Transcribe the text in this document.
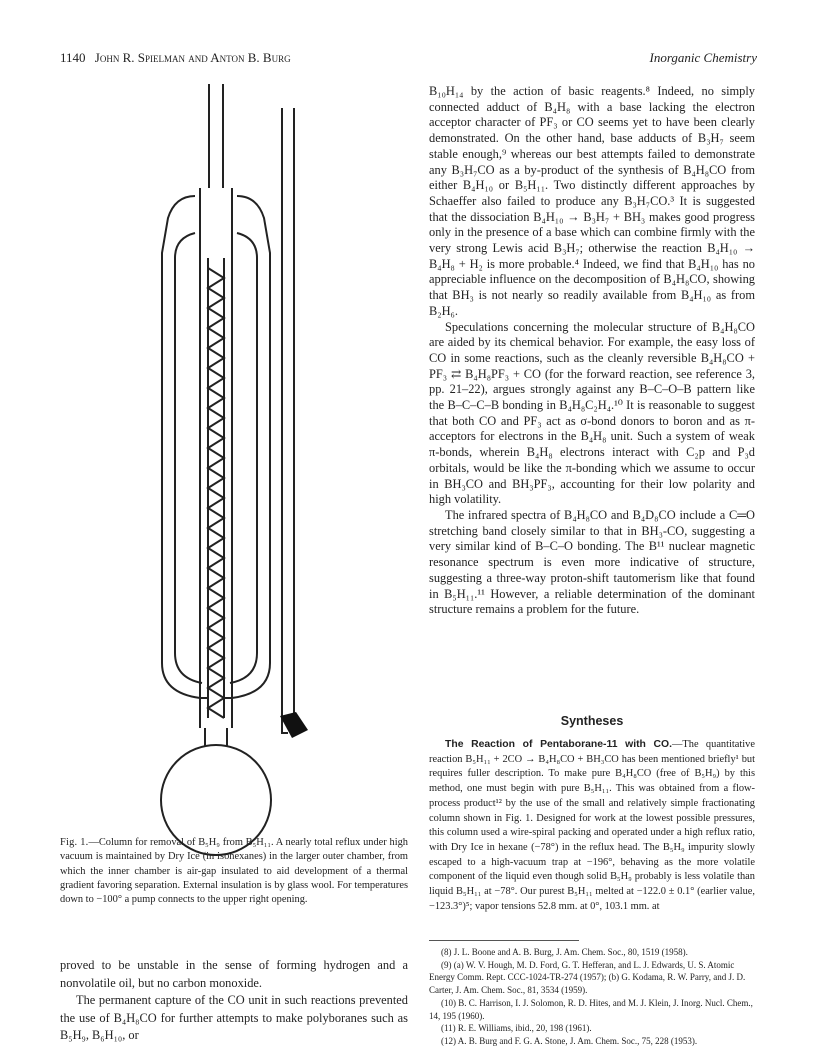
1140 John R. Spielman and Anton B. Burg	Inorganic Chemistry
Fig. 1.—Column for removal of B₅H₉ from B₅H₁₁. A nearly total reflux under high vacuum is maintained by Dry Ice (in isohexanes) in the larger outer chamber, from which the inner chamber is air-gap insulated to aid development of a thermal gradient favoring separation. External insulation is by glass wool. For temperatures down to −100° a pump connects to the upper right opening.

proved to be unstable in the sense of forming hydrogen and a nonvolatile oil, but no carbon monoxide.

The permanent capture of the CO unit in such reactions prevented the use of B₄H₈CO for further attempts to make polyboranes such as B₅H₉, B₆H₁₀, or

B₁₀H₁₄ by the action of basic reagents.⁸ Indeed, no simply connected adduct of B₄H₈ with a base lacking the electron acceptor character of PF₃ or CO seems yet to have been clearly demonstrated. On the other hand, base adducts of B₃H₇ seem stable enough,⁹ whereas our best attempts failed to demonstrate any B₃H₇CO as a by-product of the synthesis of B₄H₈CO from either B₄H₁₀ or B₅H₁₁. Two distinctly different approaches by Schaeffer also failed to produce any B₃H₇CO.³ It is suggested that the dissociation B₄H₁₀ → B₃H₇ + BH₃ makes good progress only in the presence of a base which can combine firmly with the very strong Lewis acid B₃H₇; otherwise the reaction B₄H₁₀ → B₄H₈ + H₂ is more probable.⁴ Indeed, we find that B₄H₁₀ has no appreciable influence on the decomposition of B₄H₈CO, showing that BH₃ is not nearly so readily available from B₄H₁₀ as from B₂H₆.

Speculations concerning the molecular structure of B₄H₈CO are aided by its chemical behavior. For example, the easy loss of CO in some reactions, such as the cleanly reversible B₄H₈CO + PF₃ ⇄ B₄H₈PF₃ + CO (for the forward reaction, see reference 3, pp. 21–22), argues strongly against any B–C–O–B pattern like the B–C–C–B bonding in B₄H₈C₂H₄.¹⁰ It is reasonable to suggest that both CO and PF₃ act as σ-bond donors to boron and as π-acceptors for electrons in the B₄H₈ unit. Such a system of weak π-bonds, wherein B₄H₈ electrons interact with C₂p and P₃d orbitals, would be like the π-bonding which we assume to occur in BH₃CO and BH₃PF₃, accounting for their low polarity and high volatility.

The infrared spectra of B₄H₈CO and B₄D₈CO include a C═O stretching band closely similar to that in BH₃-CO, suggesting a very similar kind of B–C–O bonding. The B¹¹ nuclear magnetic resonance spectrum is even more indicative of structure, suggesting a three-way proton-shift tautomerism like that found in B₅H₁₁.¹¹ However, a reliable determination of the dominant structure remains a problem for the future.

Syntheses

The Reaction of Pentaborane-11 with CO.—The quantitative reaction B₅H₁₁ + 2CO → B₄H₈CO + BH₃CO has been mentioned briefly¹ but requires fuller description. To make pure B₄H₈CO (free of B₅H₉) by this method, one must begin with pure B₅H₁₁. This was obtained from a flow-process product¹² by the use of the small and relatively simple fractionating column shown in Fig. 1. Designed for work at the lowest possible pressures, this column used a wire-spiral packing and operated under a high reflux ratio, with Dry Ice in hexane (−78°) in the reflux head. The B₅H₉ impurity slowly escaped to a high-vacuum trap at −196°, behaving as the more volatile component of the liquid even though solid B₅H₉ probably is less volatile than liquid B₅H₁₁ at −78°. Our purest B₅H₁₁ melted at −122.0 ± 0.1° (earlier value, −123.3°)⁵; vapor tensions 52.8 mm. at 0°, 103.1 mm. at

(8) J. L. Boone and A. B. Burg, J. Am. Chem. Soc., 80, 1519 (1958).
(9) (a) W. V. Hough, M. D. Ford, G. T. Hefferan, and L. J. Edwards, U. S. Atomic Energy Comm. Rept. CCC-1024-TR-274 (1957); (b) G. Kodama, R. W. Parry, and J. D. Carter, J. Am. Chem. Soc., 81, 3534 (1959).
(10) B. C. Harrison, I. J. Solomon, R. D. Hites, and M. J. Klein, J. Inorg. Nucl. Chem., 14, 195 (1960).
(11) R. E. Williams, ibid., 20, 198 (1961).
(12) A. B. Burg and F. G. A. Stone, J. Am. Chem. Soc., 75, 228 (1953).
